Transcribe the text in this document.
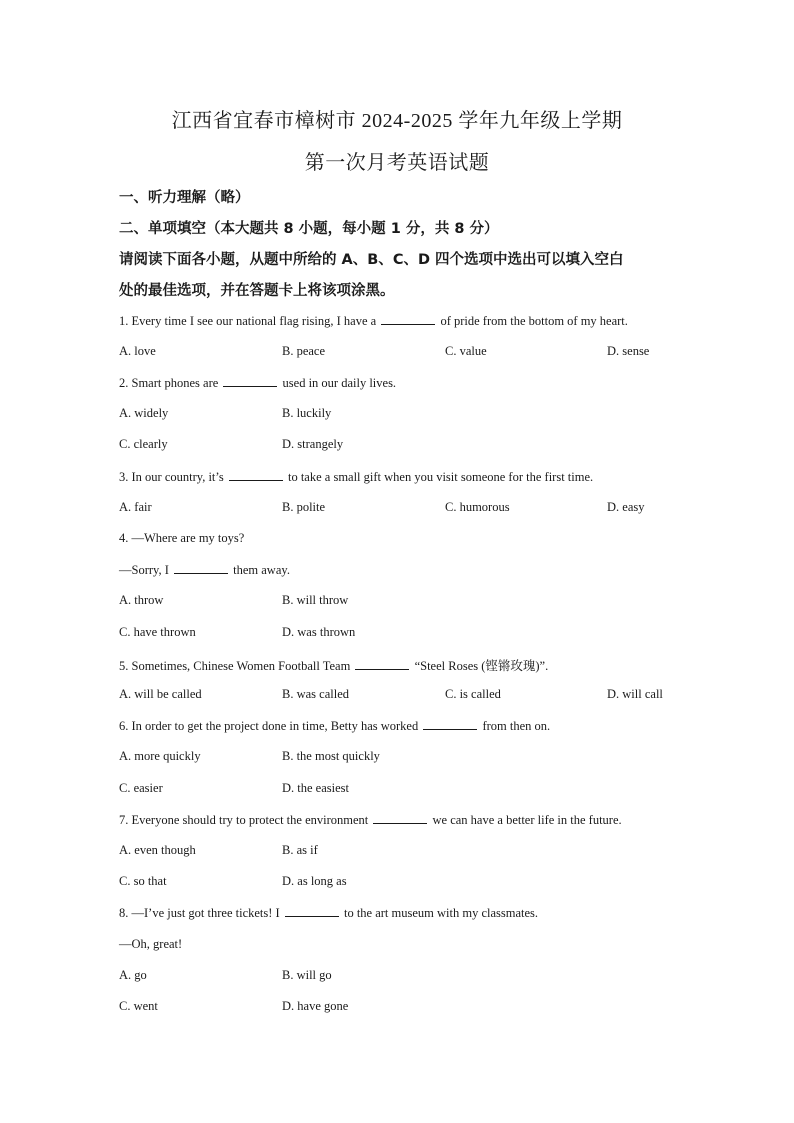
江西省宜春市樟树市 2024-2025 学年九年级上学期
第一次月考英语试题
一、听力理解（略）
二、单项填空（本大题共 8 小题，每小题 1 分，共 8 分）
请阅读下面各小题，从题中所给的 A、B、C、D 四个选项中选出可以填入空白
处的最佳选项，并在答题卡上将该项涂黑。
1. Every time I see our national flag rising, I have a	of pride from the bottom of my heart.
A. love	B. peace	C. value	D. sense
2. Smart phones are	used in our daily lives.
A. widely	B. luckily
C. clearly	D. strangely
3. In our country, it’s	to take a small gift when you visit someone for the first time.
A. fair	B. polite	C. humorous	D. easy
4. —Where are my toys?
—Sorry, I	them away.
A. throw	B. will throw
C. have thrown	D. was thrown
5. Sometimes, Chinese Women Football Team	“Steel Roses (铿锵玫瑰)”.
A. will be called	B. was called	C. is called	D. will call
6. In order to get the project done in time, Betty has worked	from then on.
A. more quickly	B. the most quickly
C. easier	D. the easiest
7. Everyone should try to protect the environment	we can have a better life in the future.
A. even though	B. as if
C. so that	D. as long as
8. —I’ve just got three tickets! I	to the art museum with my classmates.
—Oh, great!
A. go	B. will go
C. went	D. have gone
